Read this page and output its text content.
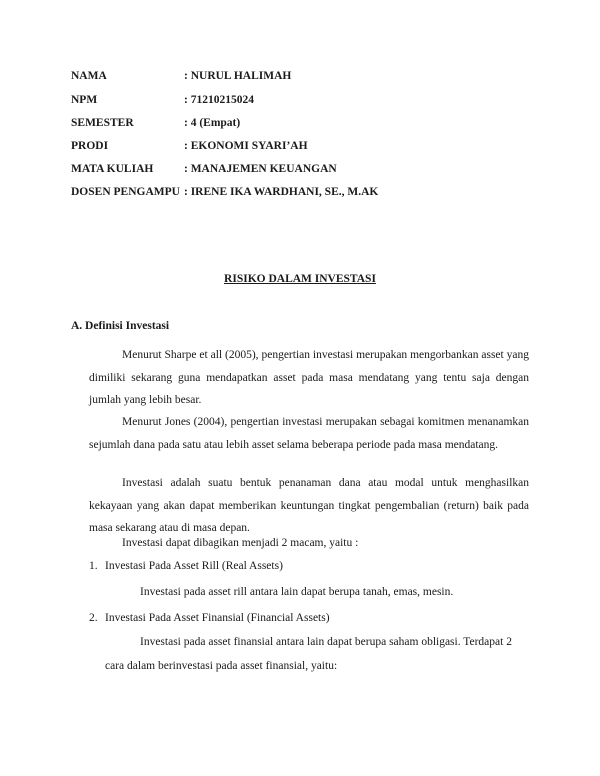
NAMA	: NURUL HALIMAH
NPM	: 71210215024
SEMESTER	: 4 (Empat)
PRODI	: EKONOMI SYARI’AH
MATA KULIAH	: MANAJEMEN KEUANGAN
DOSEN PENGAMPU : IRENE IKA WARDHANI, SE., M.AK
RISIKO DALAM INVESTASI
A. Definisi Investasi

Menurut Sharpe et all (2005), pengertian investasi merupakan mengorbankan asset yang dimiliki sekarang guna mendapatkan asset pada masa mendatang yang tentu saja dengan jumlah yang lebih besar.

Menurut Jones (2004), pengertian investasi merupakan sebagai komitmen menanamkan sejumlah dana pada satu atau lebih asset selama beberapa periode pada masa mendatang.

Investasi adalah suatu bentuk penanaman dana atau modal untuk menghasilkan kekayaan yang akan dapat memberikan keuntungan tingkat pengembalian (return) baik pada masa sekarang atau di masa depan.

Investasi dapat dibagikan menjadi 2 macam, yaitu :
1. Investasi Pada Asset Rill (Real Assets)
Investasi pada asset rill antara lain dapat berupa tanah, emas, mesin.
2. Investasi Pada Asset Finansial (Financial Assets)
Investasi pada asset finansial antara lain dapat berupa saham obligasi. Terdapat 2
cara dalam berinvestasi pada asset finansial, yaitu:
